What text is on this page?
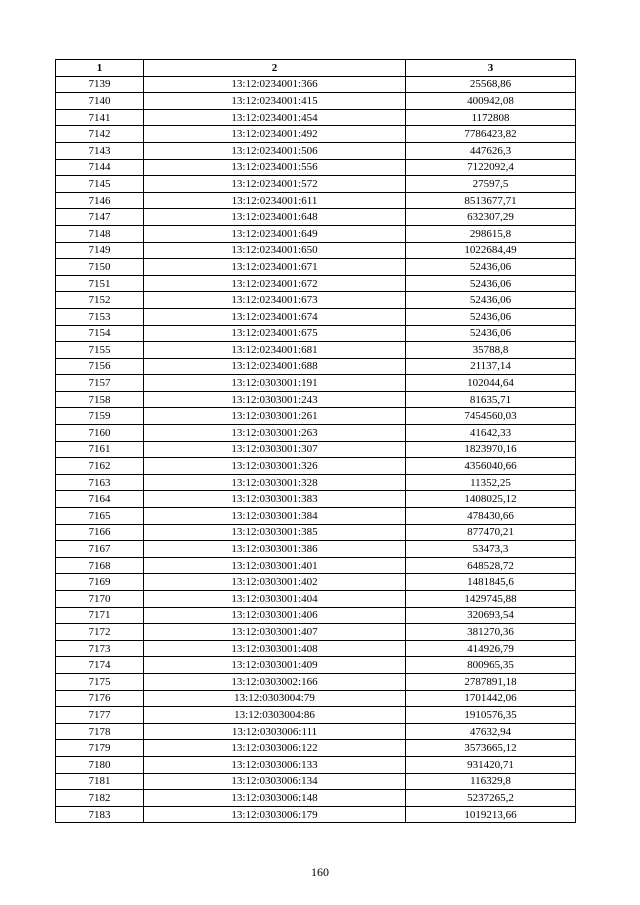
1	2	3
7139	13:12:0234001:366	25568,86
7140	13:12:0234001:415	400942,08
7141	13:12:0234001:454	1172808
7142	13:12:0234001:492	7786423,82
7143	13:12:0234001:506	447626,3
7144	13:12:0234001:556	7122092,4
7145	13:12:0234001:572	27597,5
7146	13:12:0234001:611	8513677,71
7147	13:12:0234001:648	632307,29
7148	13:12:0234001:649	298615,8
7149	13:12:0234001:650	1022684,49
7150	13:12:0234001:671	52436,06
7151	13:12:0234001:672	52436,06
7152	13:12:0234001:673	52436,06
7153	13:12:0234001:674	52436,06
7154	13:12:0234001:675	52436,06
7155	13:12:0234001:681	35788,8
7156	13:12:0234001:688	21137,14
7157	13:12:0303001:191	102044,64
7158	13:12:0303001:243	81635,71
7159	13:12:0303001:261	7454560,03
7160	13:12:0303001:263	41642,33
7161	13:12:0303001:307	1823970,16
7162	13:12:0303001:326	4356040,66
7163	13:12:0303001:328	11352,25
7164	13:12:0303001:383	1408025,12
7165	13:12:0303001:384	478430,66
7166	13:12:0303001:385	877470,21
7167	13:12:0303001:386	53473,3
7168	13:12:0303001:401	648528,72
7169	13:12:0303001:402	1481845,6
7170	13:12:0303001:404	1429745,88
7171	13:12:0303001:406	320693,54
7172	13:12:0303001:407	381270,36
7173	13:12:0303001:408	414926,79
7174	13:12:0303001:409	800965,35
7175	13:12:0303002:166	2787891,18
7176	13:12:0303004:79	1701442,06
7177	13:12:0303004:86	1910576,35
7178	13:12:0303006:111	47632,94
7179	13:12:0303006:122	3573665,12
7180	13:12:0303006:133	931420,71
7181	13:12:0303006:134	116329,8
7182	13:12:0303006:148	5237265,2
7183	13:12:0303006:179	1019213,66
160
